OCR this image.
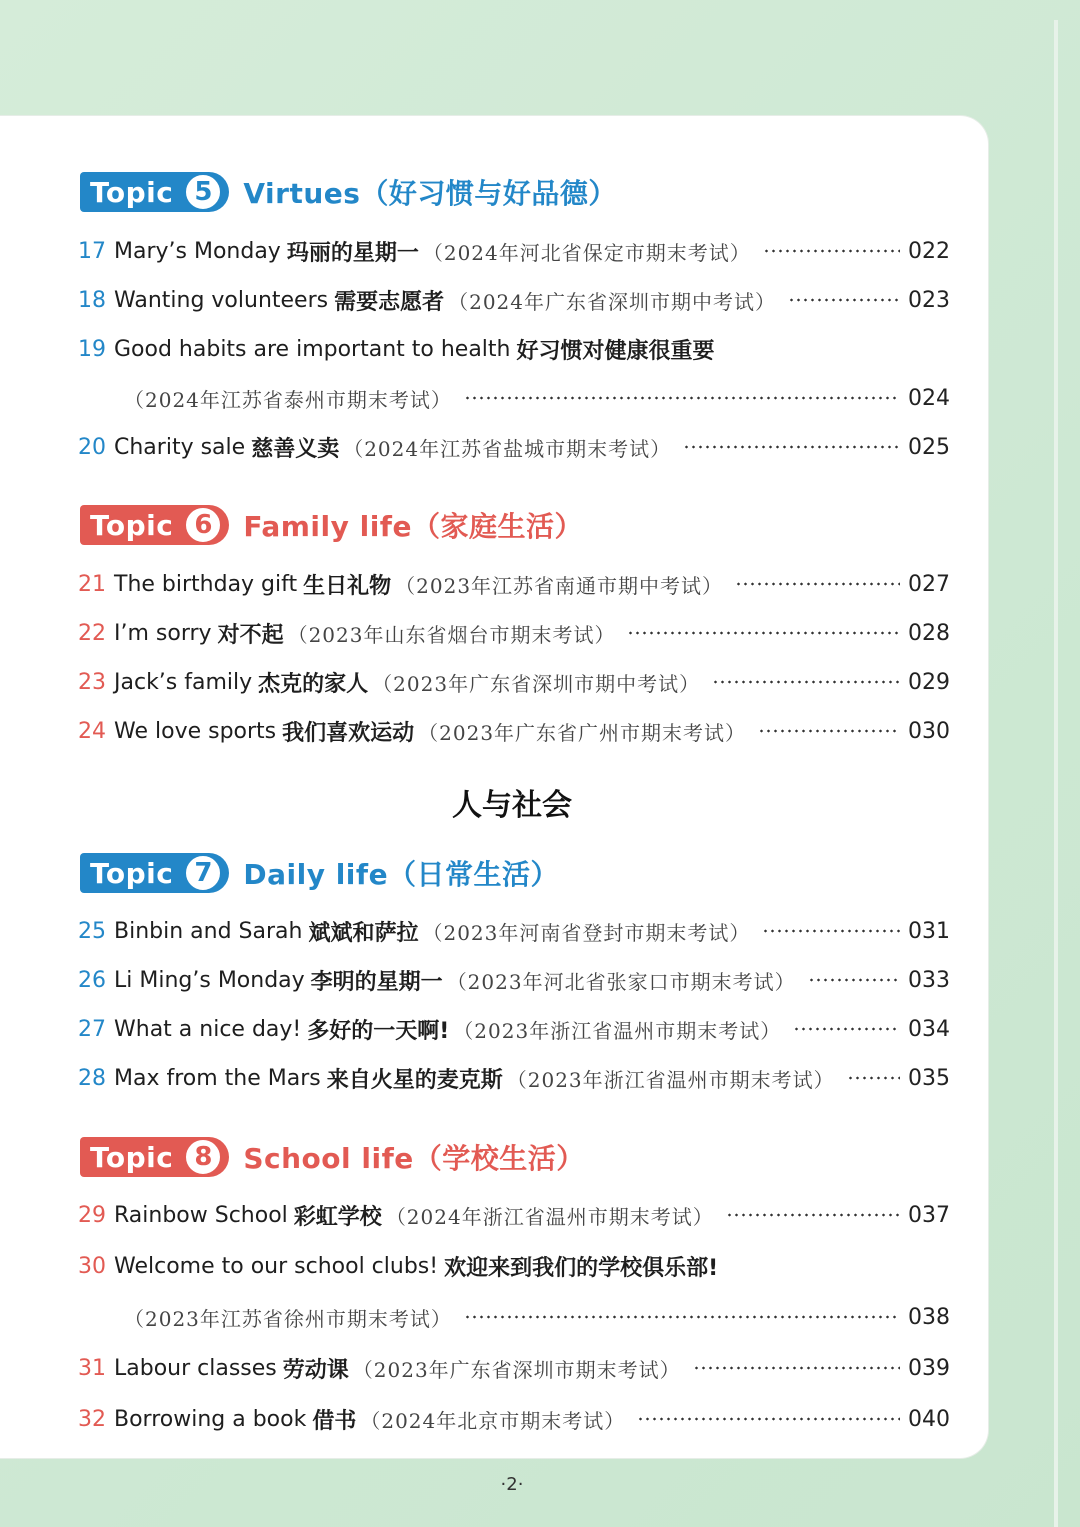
Topic 5	Virtues（好习惯与好品德）
17 Mary’s Monday 玛丽的星期一 （2024年河北省保定市期末考试）	022
18 Wanting volunteers 需要志愿者 （2024年广东省深圳市期中考试）	023
19 Good habits are important to health 好习惯对健康很重要
（2024年江苏省泰州市期末考试）	024
20 Charity sale 慈善义卖 （2024年江苏省盐城市期末考试）	025
Topic 6	Family life（家庭生活）
21 The birthday gift 生日礼物 （2023年江苏省南通市期中考试）	027
22 I’m sorry 对不起 （2023年山东省烟台市期末考试）	028
23 Jack’s family 杰克的家人 （2023年广东省深圳市期中考试）	029
24 We love sports 我们喜欢运动 （2023年广东省广州市期末考试）	030
人与社会
Topic 7	Daily life（日常生活）
25 Binbin and Sarah 斌斌和萨拉 （2023年河南省登封市期末考试）	031
26 Li Ming’s Monday 李明的星期一 （2023年河北省张家口市期末考试）	033
27 What a nice day! 多好的一天啊! （2023年浙江省温州市期末考试）	034
28 Max from the Mars 来自火星的麦克斯 （2023年浙江省温州市期末考试）	035
Topic 8	School life（学校生活）
29 Rainbow School 彩虹学校 （2024年浙江省温州市期末考试）	037
30 Welcome to our school clubs! 欢迎来到我们的学校俱乐部!
（2023年江苏省徐州市期末考试）	038
31 Labour classes 劳动课 （2023年广东省深圳市期末考试）	039
32 Borrowing a book 借书 （2024年北京市期末考试）	040
·2·
